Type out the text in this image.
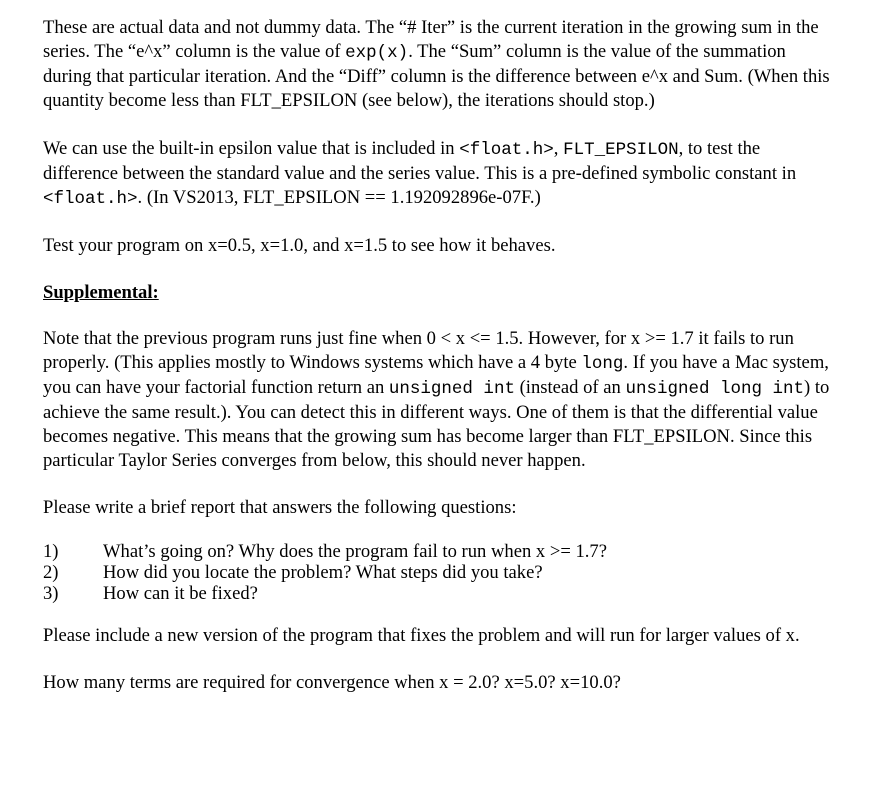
These are actual data and not dummy data. The “# Iter” is the current iteration in the growing sum in the series. The “e^x” column is the value of exp(x). The “Sum” column is the value of the summation during that particular iteration. And the “Diff” column is the difference between e^x and Sum. (When this quantity become less than FLT_EPSILON (see below), the iterations should stop.)

We can use the built-in epsilon value that is included in <float.h>, FLT_EPSILON, to test the difference between the standard value and the series value. This is a pre-defined symbolic constant in <float.h>. (In VS2013, FLT_EPSILON == 1.192092896e-07F.)

Test your program on x=0.5, x=1.0, and x=1.5 to see how it behaves.

Supplemental:

Note that the previous program runs just fine when 0 < x <= 1.5. However, for x >= 1.7 it fails to run properly. (This applies mostly to Windows systems which have a 4 byte long. If you have a Mac system, you can have your factorial function return an unsigned int (instead of an unsigned long int) to achieve the same result.). You can detect this in different ways. One of them is that the differential value becomes negative. This means that the growing sum has become larger than FLT_EPSILON. Since this particular Taylor Series converges from below, this should never happen.

Please write a brief report that answers the following questions:

1)	What’s going on? Why does the program fail to run when x >= 1.7?
2)	How did you locate the problem? What steps did you take?
3)	How can it be fixed?

Please include a new version of the program that fixes the problem and will run for larger values of x.

How many terms are required for convergence when x = 2.0? x=5.0? x=10.0?
